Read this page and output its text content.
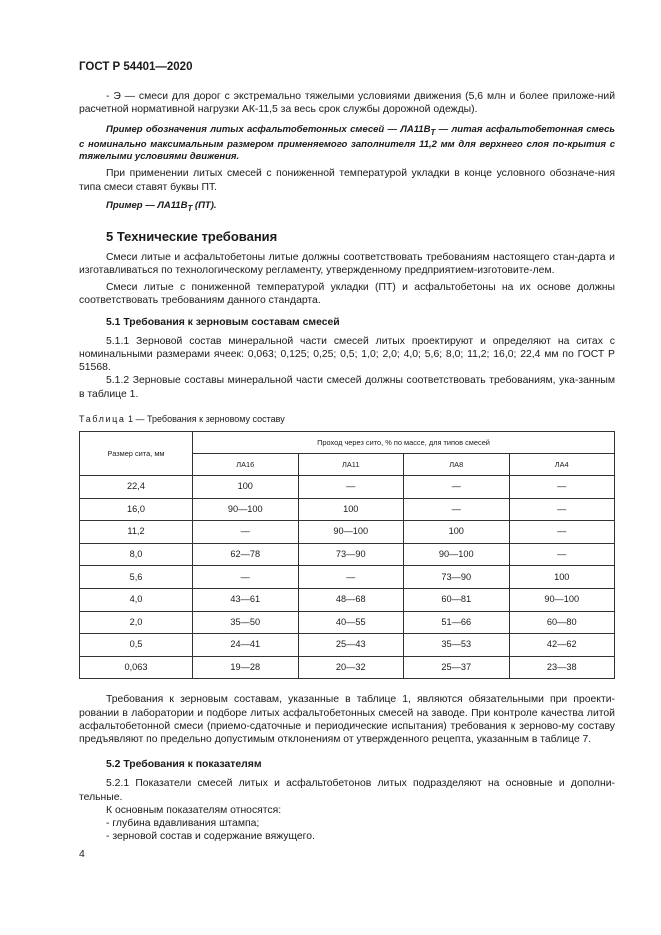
ГОСТ Р 54401—2020

- Э — смеси для дорог с экстремально тяжелыми условиями движения (5,6 млн и более приложе-ний расчетной нормативной нагрузки АК-11,5 за весь срок службы дорожной одежды).

Пример обозначения литых асфальтобетонных смесей — $ЛА11В_Т$ — литая асфальтобетонная смесь с номинально максимальным размером применяемого заполнителя 11,2 мм для верхнего слоя по-крытия с тяжелыми условиями движения.

При применении литых смесей с пониженной температурой укладки в конце условного обозначе-ния типа смеси ставят буквы ПТ.

Пример — $ЛА11В_Т$ (ПТ).

5 Технические требования

Смеси литые и асфальтобетоны литые должны соответствовать требованиям настоящего стан-дарта и изготавливаться по технологическому регламенту, утвержденному предприятием-изготовите-лем.

Смеси литые с пониженной температурой укладки (ПТ) и асфальтобетоны на их основе должны соответствовать требованиям данного стандарта.

5.1 Требования к зерновым составам смесей

5.1.1 Зерновой состав минеральной части смесей литых проектируют и определяют на ситах с номинальными размерами ячеек: 0,063; 0,125; 0,25; 0,5; 1,0; 2,0; 4,0; 5,6; 8,0; 11,2; 16,0; 22,4 мм по ГОСТ Р 51568.

5.1.2 Зерновые составы минеральной части смесей должны соответствовать требованиям, ука-занным в таблице 1.

Таблица 1 — Требования к зерновому составу
Размер сита, мм	Проход через сито, % по массе, для типов смесей			
	ЛА16	ЛА11	ЛА8	ЛА4
22,4	100	—	—	—
16,0	90—100	100	—	—
11,2	—	90—100	100	—
8,0	62—78	73—90	90—100	—
5,6	—	—	73—90	100
4,0	43—61	48—68	60—81	90—100
2,0	35—50	40—55	51—66	60—80
0,5	24—41	25—43	35—53	42—62
0,063	19—28	20—32	25—37	23—38

Требования к зерновым составам, указанные в таблице 1, являются обязательными при проекти-ровании в лаборатории и подборе литых асфальтобетонных смесей на заводе. При контроле качества литой асфальтобетонной смеси (приемо-сдаточные и периодические испытания) требования к зерново-му составу предъявляют по предельно допустимым отклонениям от утвержденного рецепта, указанным в таблице 7.

5.2 Требования к показателям

5.2.1 Показатели смесей литых и асфальтобетонов литых подразделяют на основные и дополни-тельные.

К основным показателям относятся:

- глубина вдавливания штампа;

- зерновой состав и содержание вяжущего.

4
